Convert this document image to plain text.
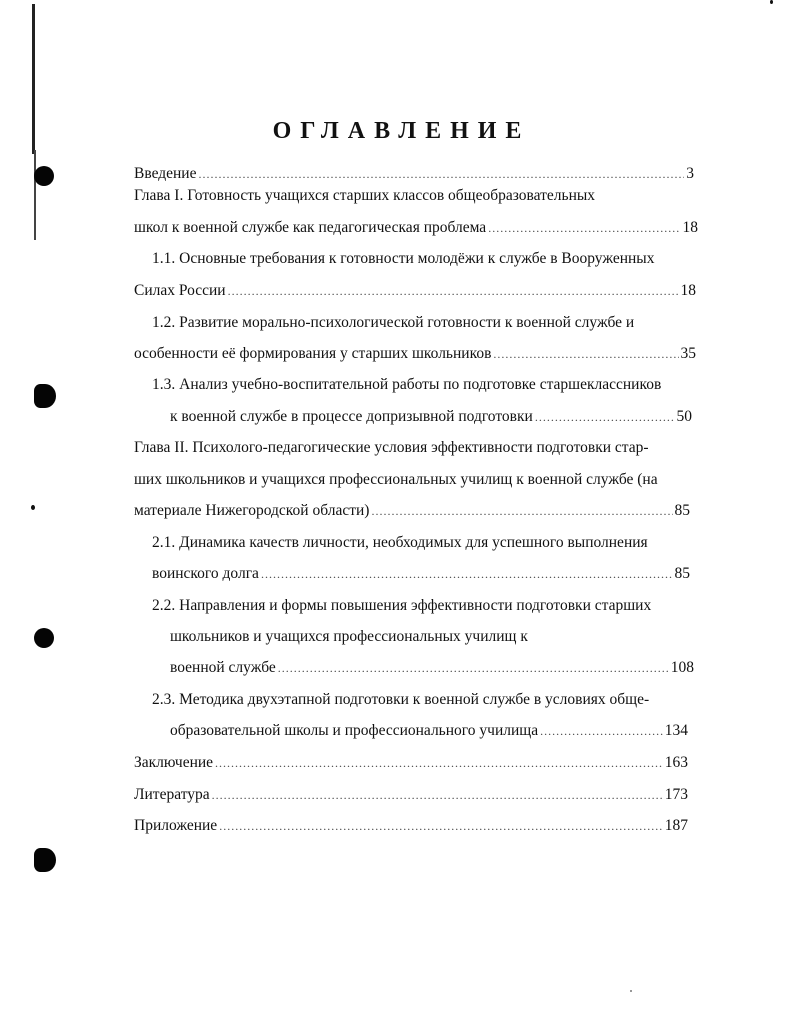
ОГЛАВЛЕНИЕ
Введение .....	3
Глава I. Готовность учащихся старших классов общеобразовательных
школ к военной службе как педагогическая проблема .....	18
1.1. Основные требования к готовности молодёжи к службе в Вооруженных
Силах России .....	18
1.2. Развитие морально-психологической готовности к военной службе и
особенности её формирования у старших школьников .....	35
1.3. Анализ учебно-воспитательной работы по подготовке старшеклассников
к военной службе в процессе допризывной подготовки .....	50
Глава II. Психолого-педагогические условия эффективности подготовки стар-
ших школьников и учащихся профессиональных училищ к военной службе (на
материале Нижегородской области) .....	85
2.1. Динамика качеств личности, необходимых для успешного выполнения
воинского долга .....	85
2.2. Направления и формы повышения эффективности подготовки старших
школьников и учащихся профессиональных училищ к
военной службе .....	108
2.3. Методика двухэтапной подготовки к военной службе в условиях обще-
образовательной школы и профессионального училища .....	134
Заключение .....	163
Литература .....	173
Приложение .....	187
